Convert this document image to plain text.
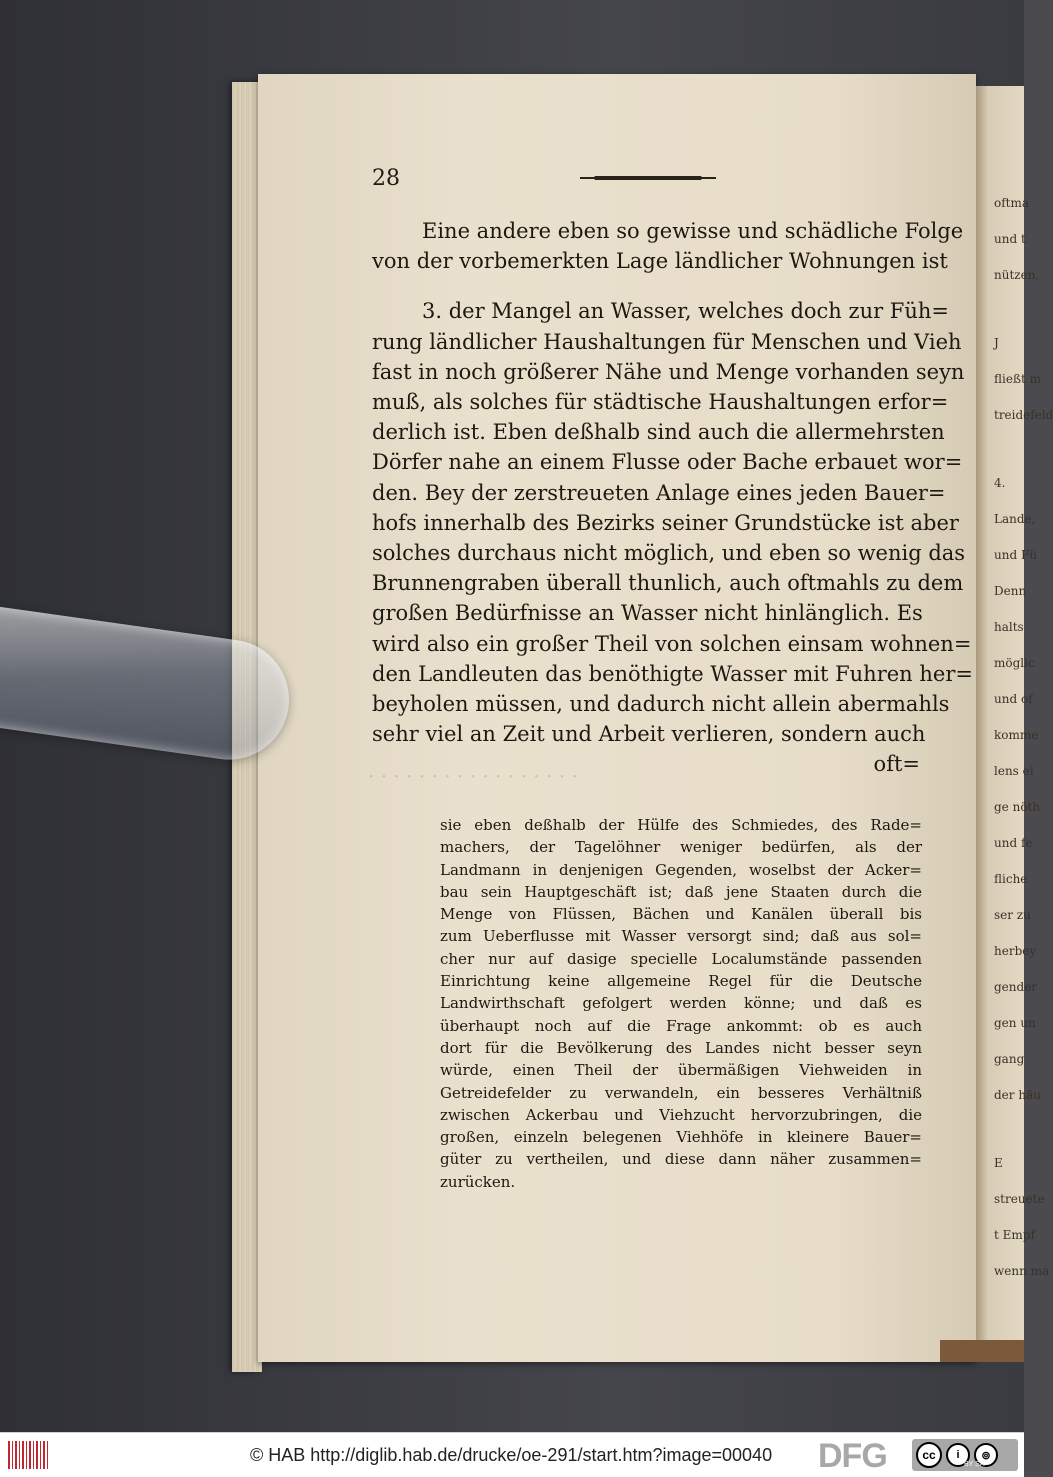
· · · · · · · · · · · · · · · · ·
oftma
und t
nützen,
J
fließt m
treidefeld
4.
Lande,
und Fü
Denn
halts
möglic
und of
komme
lens ei
ge nöth
und fe
fliche
ser zu
herbey
gender
gen un
gang
der häu
E
streuete
t Empf
wenn ma
28
Eine andere eben so gewisse und schädliche Folge
von der vorbemerkten Lage ländlicher Wohnungen ist
3. der Mangel an Wasser, welches doch zur Füh=
rung ländlicher Haushaltungen für Menschen und Vieh
fast in noch größerer Nähe und Menge vorhanden seyn
muß, als solches für städtische Haushaltungen erfor=
derlich ist. Eben deßhalb sind auch die allermehrsten
Dörfer nahe an einem Flusse oder Bache erbauet wor=
den. Bey der zerstreueten Anlage eines jeden Bauer=
hofs innerhalb des Bezirks seiner Grundstücke ist aber
solches durchaus nicht möglich, und eben so wenig das
Brunnengraben überall thunlich, auch oftmahls zu dem
großen Bedürfnisse an Wasser nicht hinlänglich. Es
wird also ein großer Theil von solchen einsam wohnen=
den Landleuten das benöthigte Wasser mit Fuhren her=
beyholen müssen, und dadurch nicht allein abermahls
sehr viel an Zeit und Arbeit verlieren, sondern auch
oft=
sie eben deßhalb der Hülfe des Schmiedes, des Rade=
machers, der Tagelöhner weniger bedürfen, als der
Landmann in denjenigen Gegenden, woselbst der Acker=
bau sein Hauptgeschäft ist; daß jene Staaten durch die
Menge von Flüssen, Bächen und Kanälen überall bis
zum Ueberflusse mit Wasser versorgt sind; daß aus sol=
cher nur auf dasige specielle Localumstände passenden
Einrichtung keine allgemeine Regel für die Deutsche
Landwirthschaft gefolgert werden könne; und daß es
überhaupt noch auf die Frage ankommt: ob es auch
dort für die Bevölkerung des Landes nicht besser seyn
würde, einen Theil der übermäßigen Viehweiden in
Getreidefelder zu verwandeln, ein besseres Verhältniß
zwischen Ackerbau und Viehzucht hervorzubringen, die
großen, einzeln belegenen Viehhöfe in kleinere Bauer=
güter zu vertheilen, und diese dann näher zusammen=
zurücken.
© HAB http://diglib.hab.de/drucke/oe-291/start.htm?image=00040 DFG	cc	i	⊚
BY SA
